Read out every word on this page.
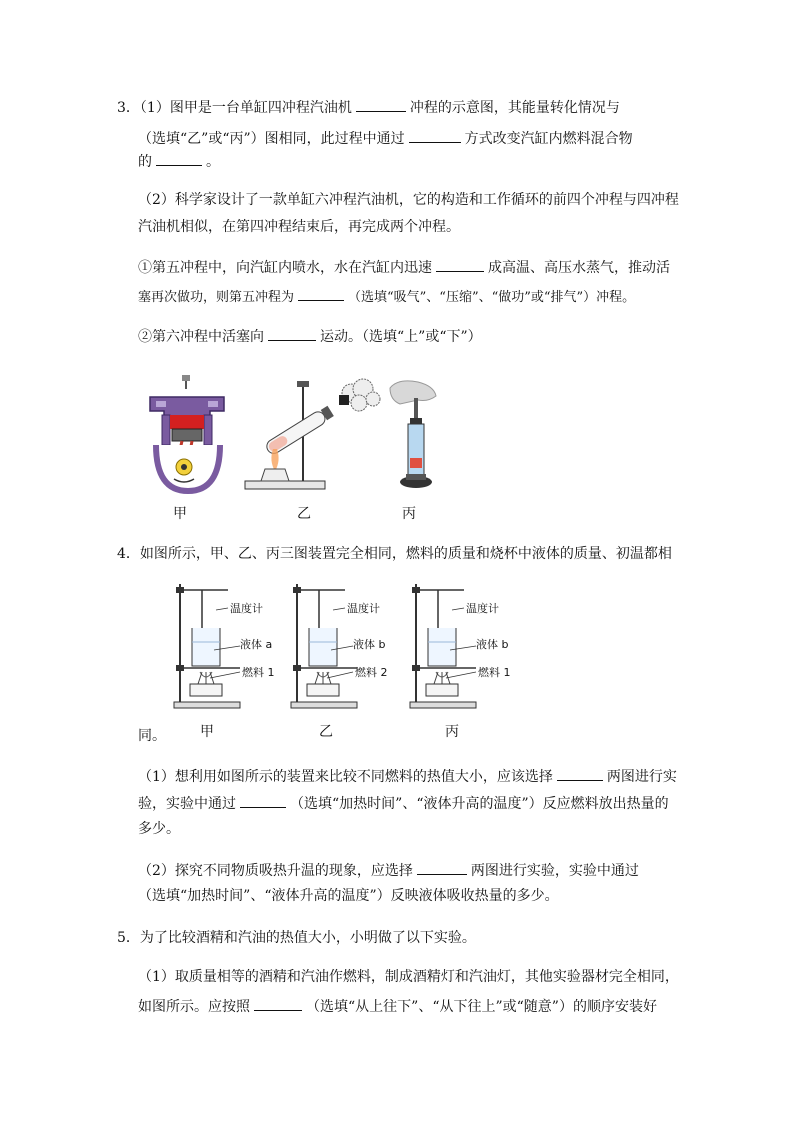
3．（1）图甲是一台单缸四冲程汽油机	冲程的示意图，其能量转化情况与
（选填“乙”或“丙”）图相同，此过程中通过	方式改变汽缸内燃料混合物
的	。
（2）科学家设计了一款单缸六冲程汽油机，它的构造和工作循环的前四个冲程与四冲程
汽油机相似，在第四冲程结束后，再完成两个冲程。
①第五冲程中，向汽缸内喷水，水在汽缸内迅速	成高温、高压水蒸气，推动活
塞再次做功，则第五冲程为	（选填“吸气”、“压缩”、“做功”或“排气”）冲程。
②第六冲程中活塞向	运动。（选填“上”或“下”）
甲	乙	丙
4．如图所示，甲、乙、丙三图装置完全相同，燃料的质量和烧杯中液体的质量、初温都相
温度计
液体 a
燃料 1
温度计
液体 b
燃料 2
温度计
液体 b
燃料 1
甲	乙	丙
同。
（1）想利用如图所示的装置来比较不同燃料的热值大小，应该选择	两图进行实
验，实验中通过	（选填“加热时间”、“液体升高的温度”）反应燃料放出热量的
多少。
（2）探究不同物质吸热升温的现象，应选择	两图进行实验，实验中通过
（选填“加热时间”、“液体升高的温度”）反映液体吸收热量的多少。
5．为了比较酒精和汽油的热值大小，小明做了以下实验。
（1）取质量相等的酒精和汽油作燃料，制成酒精灯和汽油灯，其他实验器材完全相同，
如图所示。应按照	（选填“从上往下”、“从下往上”或“随意”）的顺序安装好
